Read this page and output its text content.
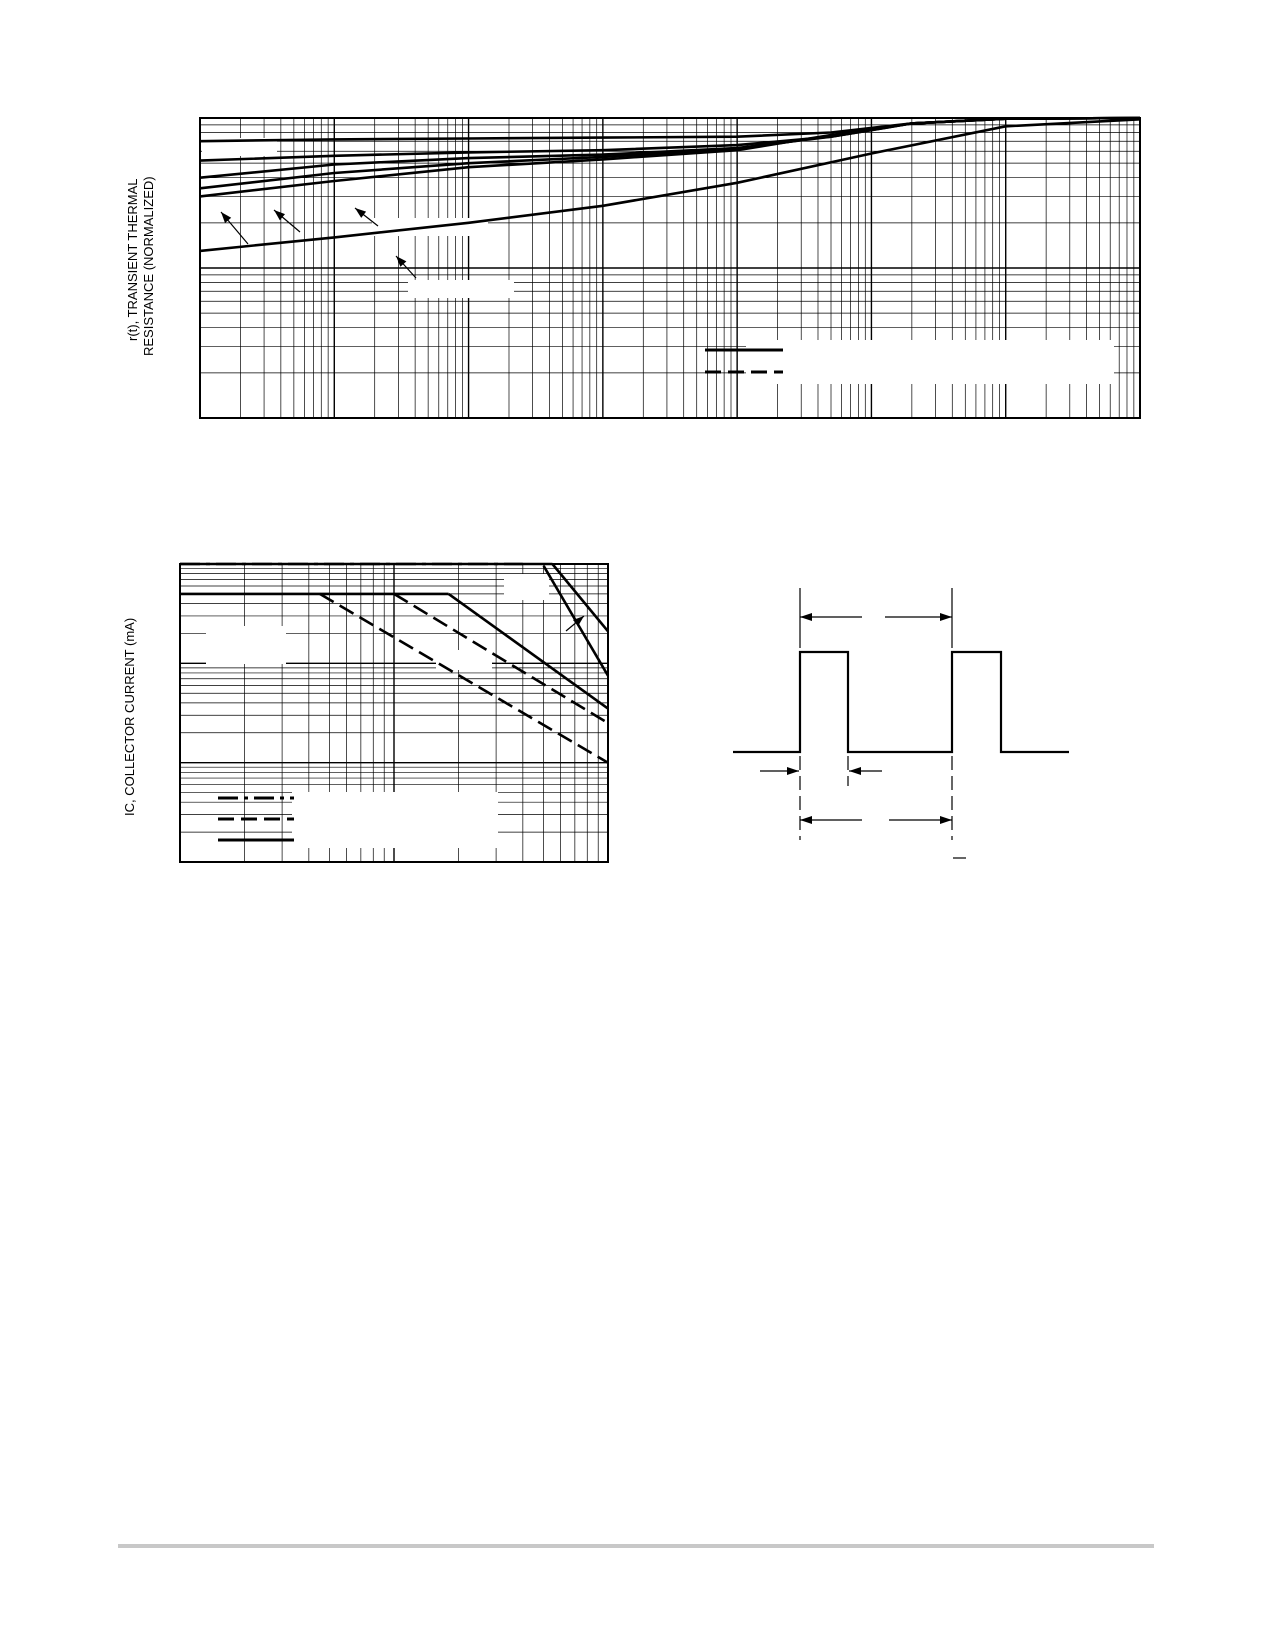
r(t), TRANSIENT THERMAL RESISTANCE (NORMALIZED)
IC, COLLECTOR CURRENT (mA)
